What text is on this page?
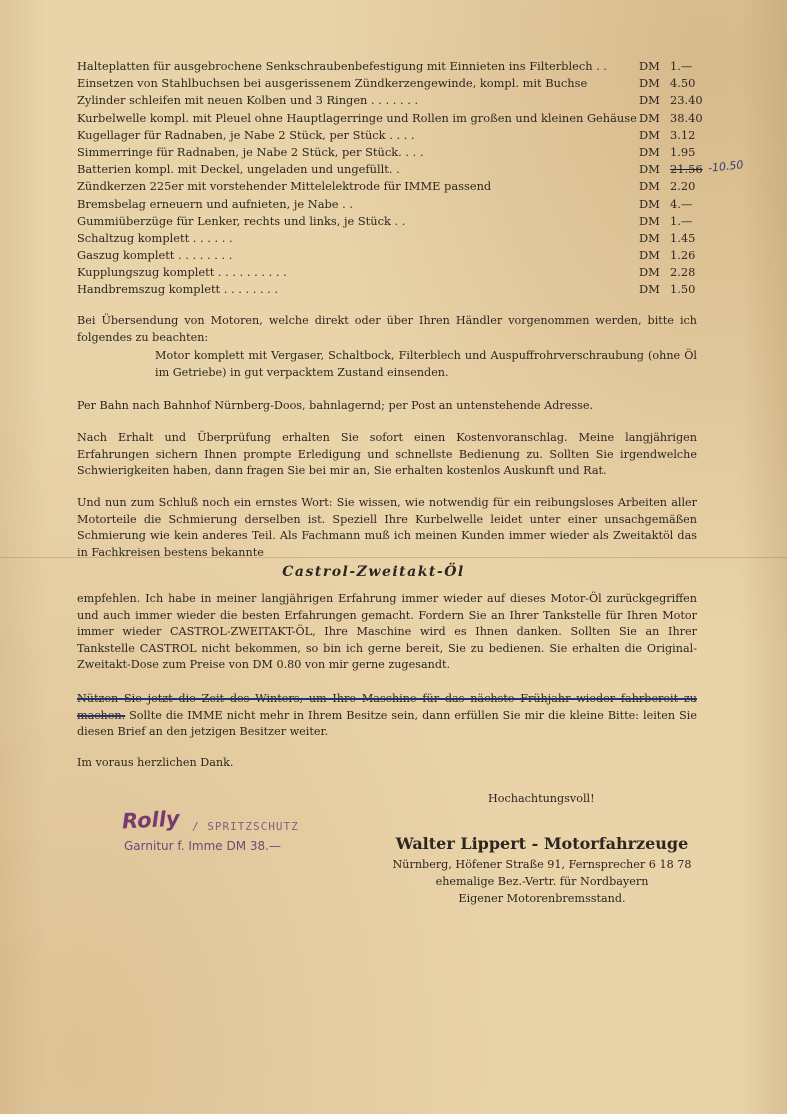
Halteplatten für ausgebrochene Senkschraubenbefestigung mit Einnieten ins Filterblech . .	DM 1.—
Einsetzen von Stahlbuchsen bei ausgerissenem Zündkerzengewinde, kompl. mit Buchse	DM 4.50
Zylinder schleifen mit neuen Kolben und 3 Ringen . . . . . . .	DM 23.40
Kurbelwelle kompl. mit Pleuel ohne Hauptlagerringe und Rollen im großen und kleinen Gehäuse DM 38.40
Kugellager für Radnaben, je Nabe 2 Stück, per Stück . . . .	DM 3.12
Simmerringe für Radnaben, je Nabe 2 Stück, per Stück. . . .	DM 1.95
Batterien kompl. mit Deckel, ungeladen und ungefüllt. .	DM 21.56 -10.50
Zündkerzen 225er mit vorstehender Mittelelektrode für IMME passend	DM 2.20
Bremsbelag erneuern und aufnieten, je Nabe . .	DM 4.—
Gummiüberzüge für Lenker, rechts und links, je Stück . .	DM 1.—
Schaltzug komplett . . . . . .	DM 1.45
Gaszug komplett . . . . . . . .	DM 1.26
Kupplungszug komplett . . . . . . . . . .	DM 2.28
Handbremszug komplett . . . . . . . .	DM 1.50
Bei Übersendung von Motoren, welche direkt oder über Ihren Händler vorgenommen werden, bitte ich folgendes zu beachten:
Motor komplett mit Vergaser, Schaltbock, Filterblech und Auspuffrohrverschraubung (ohne Öl im Getriebe) in gut verpacktem Zustand einsenden.
Per Bahn nach Bahnhof Nürnberg-Doos, bahnlagernd; per Post an untenstehende Adresse.
Nach Erhalt und Überprüfung erhalten Sie sofort einen Kostenvoranschlag. Meine langjährigen Erfahrungen sichern Ihnen prompte Erledigung und schnellste Bedienung zu. Sollten Sie irgendwelche Schwierigkeiten haben, dann fragen Sie bei mir an, Sie erhalten kostenlos Auskunft und Rat.
Und nun zum Schluß noch ein ernstes Wort: Sie wissen, wie notwendig für ein reibungsloses Arbeiten aller Motorteile die Schmierung derselben ist. Speziell Ihre Kurbelwelle leidet unter einer unsachgemäßen Schmierung wie kein anderes Teil. Als Fachmann muß ich meinen Kunden immer wieder als Zweitaktöl das in Fachkreisen bestens bekannte
Castrol-Zweitakt-Öl
empfehlen. Ich habe in meiner langjährigen Erfahrung immer wieder auf dieses Motor-Öl zurückgegriffen und auch immer wieder die besten Erfahrungen gemacht. Fordern Sie an Ihrer Tankstelle für Ihren Motor immer wieder CASTROL-ZWEITAKT-ÖL, Ihre Maschine wird es Ihnen danken. Sollten Sie an Ihrer Tankstelle CASTROL nicht bekommen, so bin ich gerne bereit, Sie zu bedienen. Sie erhalten die Original-Zweitakt-Dose zum Preise von DM 0.80 von mir gerne zugesandt.
Nützen Sie jetzt die Zeit des Winters, um Ihre Maschine für das nächste Frühjahr wieder fahrbereit zu machen. Sollte die IMME nicht mehr in Ihrem Besitze sein, dann erfüllen Sie mir die kleine Bitte: leiten Sie diesen Brief an den jetzigen Besitzer weiter.
Im voraus herzlichen Dank.
Hochachtungsvoll!
Rolly / SPRITZSCHUTZ
Garnitur f. Imme DM 38.—	Walter Lippert - Motorfahrzeuge
Nürnberg, Höfener Straße 91, Fernsprecher 6 18 78
ehemalige Bez.-Vertr. für Nordbayern
Eigener Motorenbremsstand.
